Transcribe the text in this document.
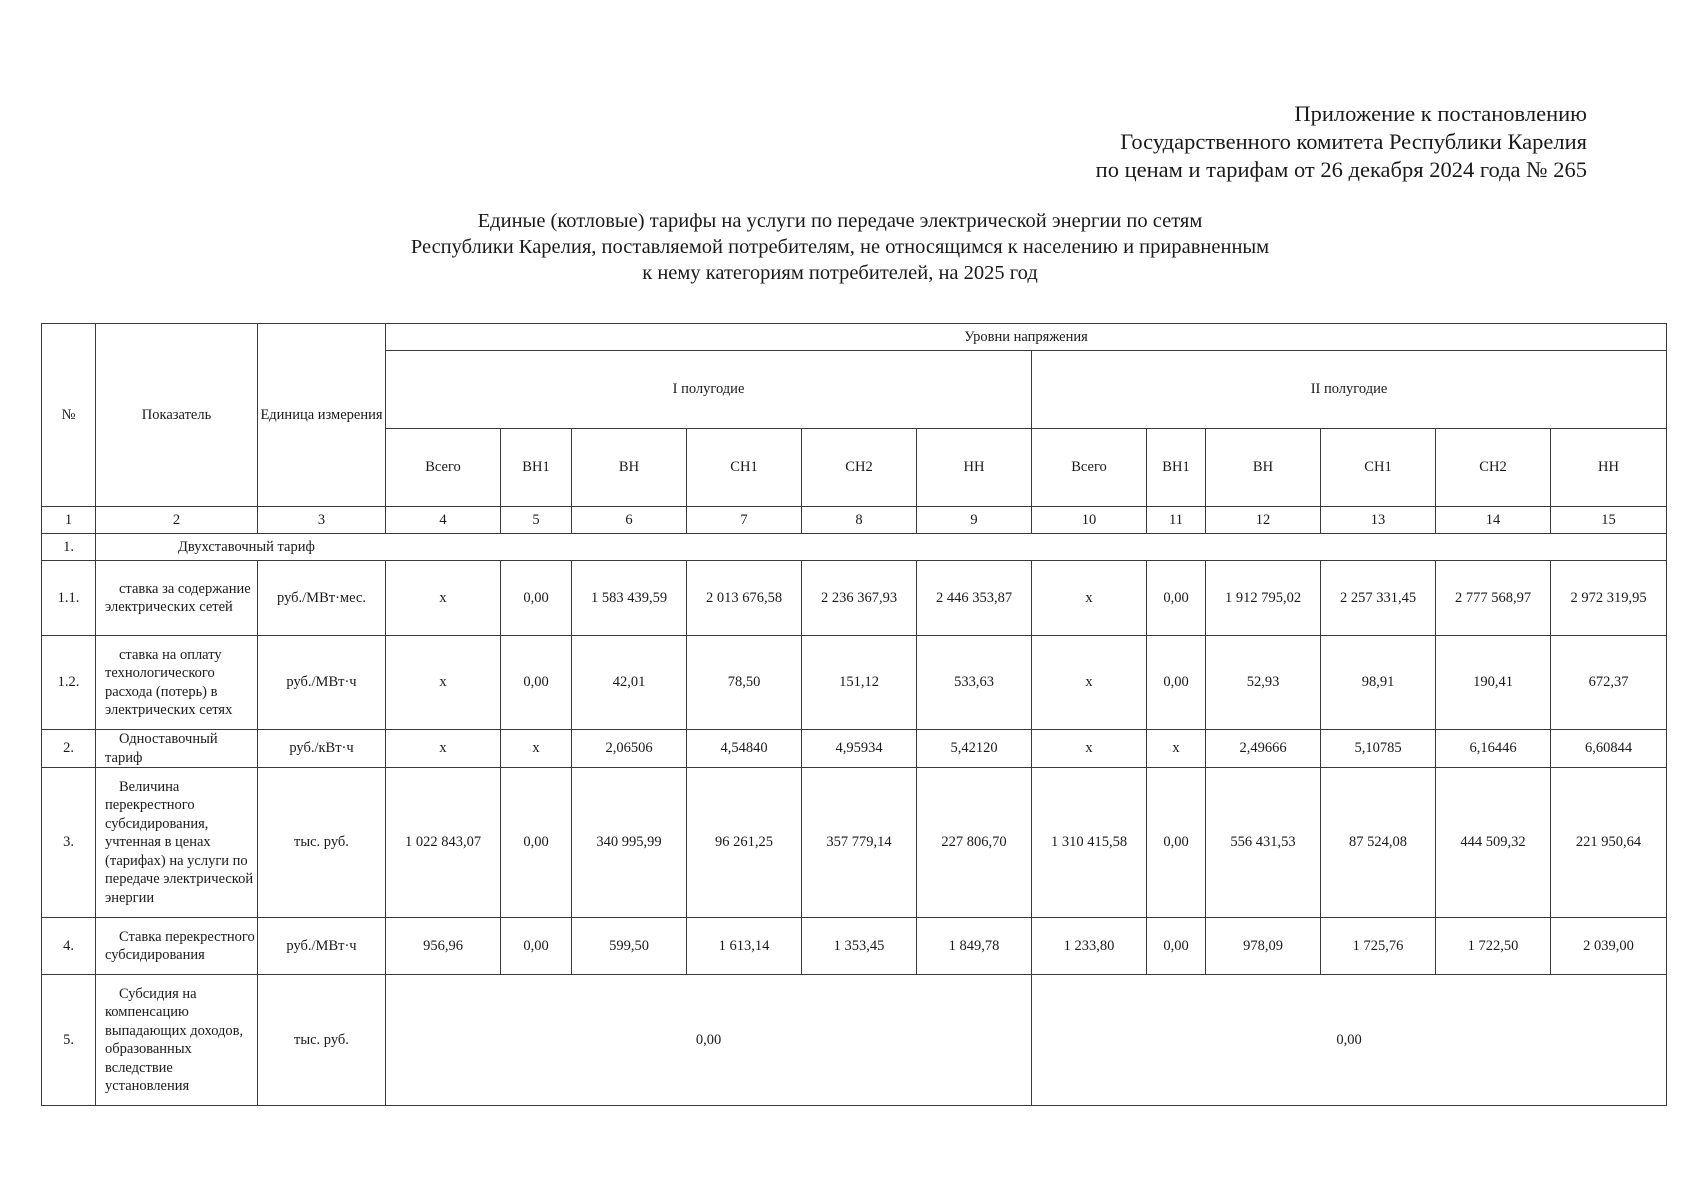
Приложение к постановлению
Государственного комитета Республики Карелия
по ценам и тарифам от 26 декабря 2024 года № 265
Единые (котловые) тарифы на услуги по передаче электрической энергии по сетям
Республики Карелия, поставляемой потребителям, не относящимся к населению и приравненным
к нему категориям потребителей, на 2025 год
№	Показатель	Единица измерения	Уровни напряжения											
			I полугодие						II полугодие					
			Всего	ВН1	ВН	СН1	СН2	НН	Всего	ВН1	ВН	СН1	СН2	НН
1	2	3	4	5	6	7	8	9	10	11	12	13	14	15
1.	Двухставочный тариф													
1.1.	ставка за содержание электрических сетей	руб./МВт·мес.	х	0,00	1 583 439,59	2 013 676,58	2 236 367,93	2 446 353,87	х	0,00	1 912 795,02	2 257 331,45	2 777 568,97	2 972 319,95
1.2.	ставка на оплату технологического расхода (потерь) в электрических сетях	руб./МВт·ч	х	0,00	42,01	78,50	151,12	533,63	х	0,00	52,93	98,91	190,41	672,37
2.	Одноставочный тариф	руб./кВт·ч	х	х	2,06506	4,54840	4,95934	5,42120	х	х	2,49666	5,10785	6,16446	6,60844
3.	Величина перекрестного субсидирования, учтенная в ценах (тарифах) на услуги по передаче электрической энергии	тыс. руб.	1 022 843,07	0,00	340 995,99	96 261,25	357 779,14	227 806,70	1 310 415,58	0,00	556 431,53	87 524,08	444 509,32	221 950,64
4.	Ставка перекрестного субсидирования	руб./МВт·ч	956,96	0,00	599,50	1 613,14	1 353,45	1 849,78	1 233,80	0,00	978,09	1 725,76	1 722,50	2 039,00
5.	Субсидия на компенсацию выпадающих доходов, образованных вследствие установления	тыс. руб.	0,00						0,00					
